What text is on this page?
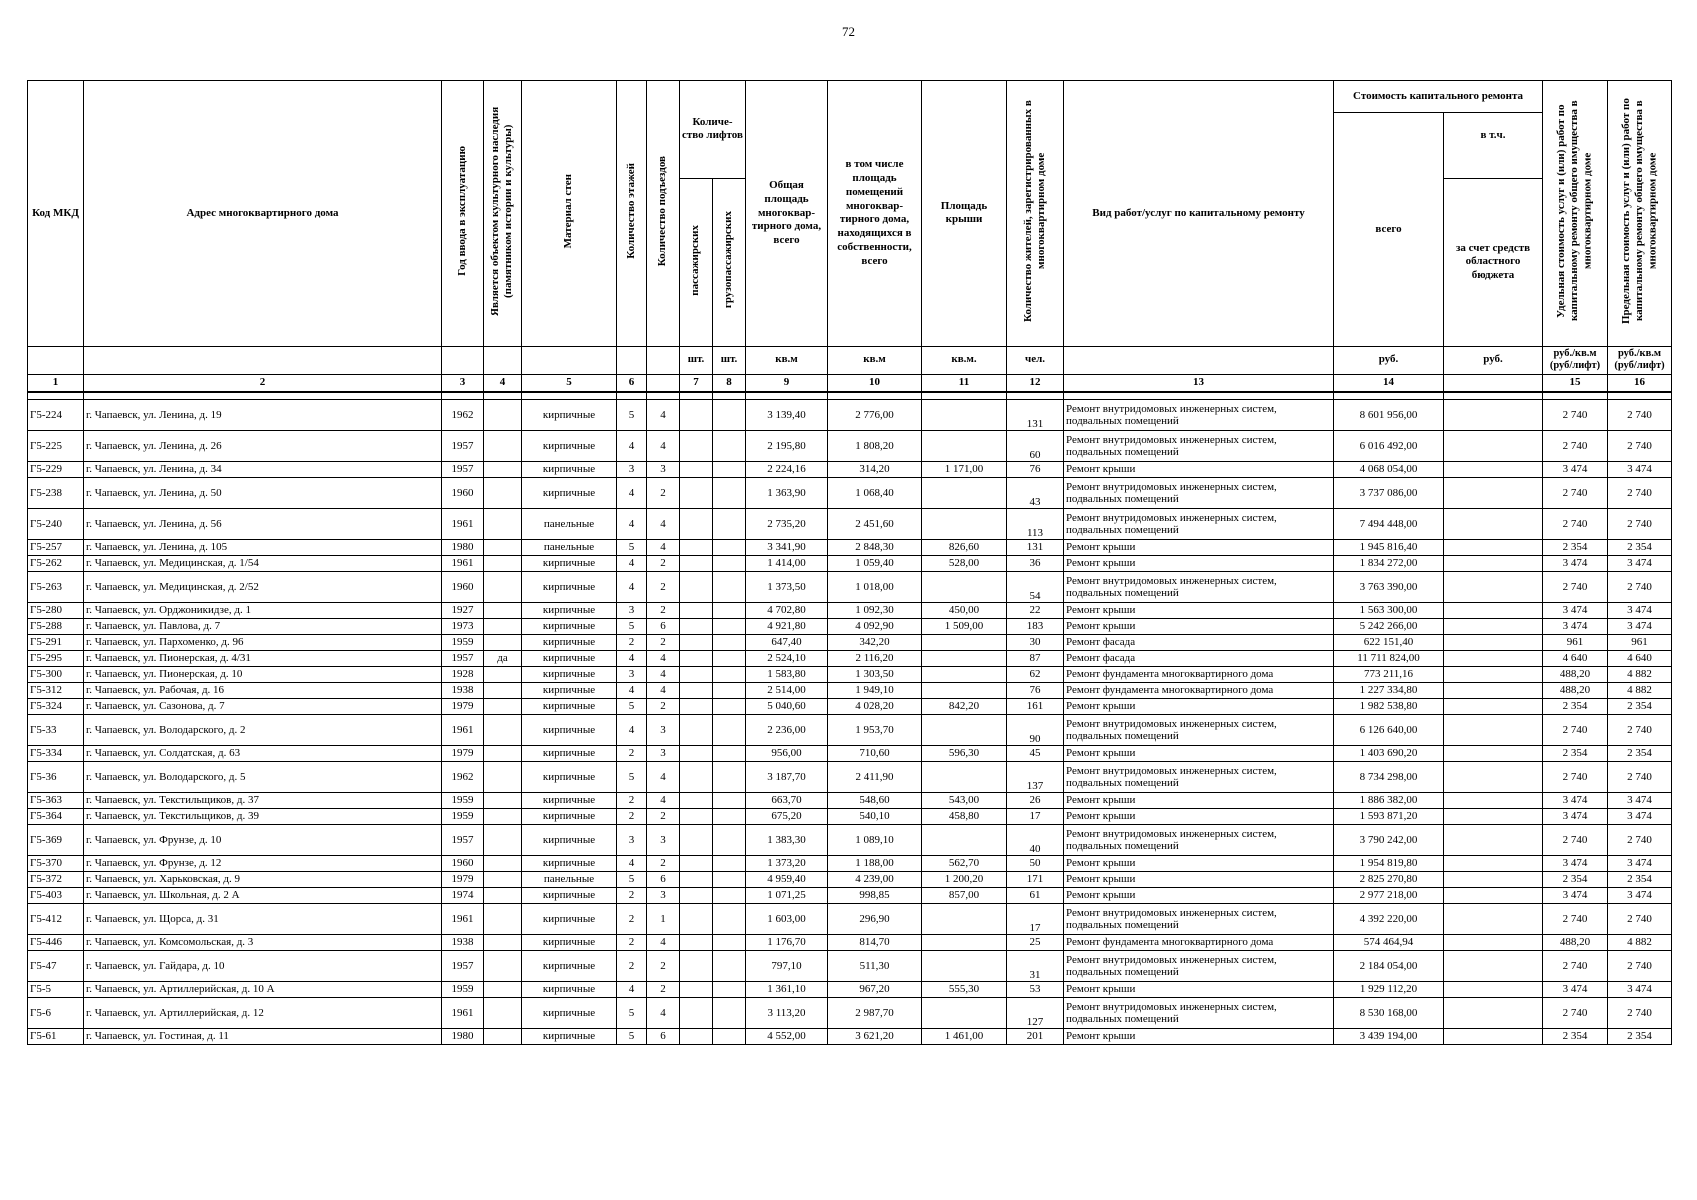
72
Код МКД	Адрес многоквартирного дома	Год ввода в эксплуатацию	Является объектом культурного наследия (памятником истории и культуры)	Материал стен	Количество этажей	Количество подъездов	Количе-ство лифтов		Общая площадь многоквар-тирного дома, всего	в том числе площадь помещений многоквар-тирного дома, находящихся в собственности, всего	Площадь крыши	Количество жителей, зарегистрированных в многоквартирном доме	Вид работ/услуг по капитальному ремонту	Стоимость капитального ремонта		Удельная стоимость услуг и (или) работ по капитальному ремонту общего имущества в многоквартирном доме	Предельная стоимость услуг и (или) работ по капитальному ремонту общего имущества в многоквартирном доме
														всего	в т.ч.		
							пассажирских	грузопассажирских							за счет средств областного бюджета		
							шт.	шт.	кв.м	кв.м	кв.м.	чел.		руб.	руб.	руб./кв.м (руб/лифт)	руб./кв.м (руб/лифт)
1	2	3	4	5	6		7	8	9	10	11	12	13	14		15	16

Г5-224	г. Чапаевск, ул. Ленина, д. 19	1962		кирпичные	5	4			3 139,40	2 776,00		131	Ремонт внутридомовых инженерных систем, подвальных помещений	8 601 956,00		2 740	2 740
Г5-225	г. Чапаевск, ул. Ленина, д. 26	1957		кирпичные	4	4			2 195,80	1 808,20		60	Ремонт внутридомовых инженерных систем, подвальных помещений	6 016 492,00		2 740	2 740
Г5-229	г. Чапаевск, ул. Ленина, д. 34	1957		кирпичные	3	3			2 224,16	314,20	1 171,00	76	Ремонт крыши	4 068 054,00		3 474	3 474
Г5-238	г. Чапаевск, ул. Ленина, д. 50	1960		кирпичные	4	2			1 363,90	1 068,40		43	Ремонт внутридомовых инженерных систем, подвальных помещений	3 737 086,00		2 740	2 740
Г5-240	г. Чапаевск, ул. Ленина, д. 56	1961		панельные	4	4			2 735,20	2 451,60		113	Ремонт внутридомовых инженерных систем, подвальных помещений	7 494 448,00		2 740	2 740
Г5-257	г. Чапаевск, ул. Ленина, д. 105	1980		панельные	5	4			3 341,90	2 848,30	826,60	131	Ремонт крыши	1 945 816,40		2 354	2 354
Г5-262	г. Чапаевск, ул. Медицинская, д. 1/54	1961		кирпичные	4	2			1 414,00	1 059,40	528,00	36	Ремонт крыши	1 834 272,00		3 474	3 474
Г5-263	г. Чапаевск, ул. Медицинская, д. 2/52	1960		кирпичные	4	2			1 373,50	1 018,00		54	Ремонт внутридомовых инженерных систем, подвальных помещений	3 763 390,00		2 740	2 740
Г5-280	г. Чапаевск, ул. Орджоникидзе, д. 1	1927		кирпичные	3	2			4 702,80	1 092,30	450,00	22	Ремонт крыши	1 563 300,00		3 474	3 474
Г5-288	г. Чапаевск, ул. Павлова, д. 7	1973		кирпичные	5	6			4 921,80	4 092,90	1 509,00	183	Ремонт крыши	5 242 266,00		3 474	3 474
Г5-291	г. Чапаевск, ул. Пархоменко, д. 96	1959		кирпичные	2	2			647,40	342,20		30	Ремонт фасада	622 151,40		961	961
Г5-295	г. Чапаевск, ул. Пионерская, д. 4/31	1957	да	кирпичные	4	4			2 524,10	2 116,20		87	Ремонт фасада	11 711 824,00		4 640	4 640
Г5-300	г. Чапаевск, ул. Пионерская, д. 10	1928		кирпичные	3	4			1 583,80	1 303,50		62	Ремонт фундамента многоквартирного дома	773 211,16		488,20	4 882
Г5-312	г. Чапаевск, ул. Рабочая, д. 16	1938		кирпичные	4	4			2 514,00	1 949,10		76	Ремонт фундамента многоквартирного дома	1 227 334,80		488,20	4 882
Г5-324	г. Чапаевск, ул. Сазонова, д. 7	1979		кирпичные	5	2			5 040,60	4 028,20	842,20	161	Ремонт крыши	1 982 538,80		2 354	2 354
Г5-33	г. Чапаевск, ул. Володарского, д. 2	1961		кирпичные	4	3			2 236,00	1 953,70		90	Ремонт внутридомовых инженерных систем, подвальных помещений	6 126 640,00		2 740	2 740
Г5-334	г. Чапаевск, ул. Солдатская, д. 63	1979		кирпичные	2	3			956,00	710,60	596,30	45	Ремонт крыши	1 403 690,20		2 354	2 354
Г5-36	г. Чапаевск, ул. Володарского, д. 5	1962		кирпичные	5	4			3 187,70	2 411,90		137	Ремонт внутридомовых инженерных систем, подвальных помещений	8 734 298,00		2 740	2 740
Г5-363	г. Чапаевск, ул. Текстильщиков, д. 37	1959		кирпичные	2	4			663,70	548,60	543,00	26	Ремонт крыши	1 886 382,00		3 474	3 474
Г5-364	г. Чапаевск, ул. Текстильщиков, д. 39	1959		кирпичные	2	2			675,20	540,10	458,80	17	Ремонт крыши	1 593 871,20		3 474	3 474
Г5-369	г. Чапаевск, ул. Фрунзе, д. 10	1957		кирпичные	3	3			1 383,30	1 089,10		40	Ремонт внутридомовых инженерных систем, подвальных помещений	3 790 242,00		2 740	2 740
Г5-370	г. Чапаевск, ул. Фрунзе, д. 12	1960		кирпичные	4	2			1 373,20	1 188,00	562,70	50	Ремонт крыши	1 954 819,80		3 474	3 474
Г5-372	г. Чапаевск, ул. Харьковская, д. 9	1979		панельные	5	6			4 959,40	4 239,00	1 200,20	171	Ремонт крыши	2 825 270,80		2 354	2 354
Г5-403	г. Чапаевск, ул. Школьная, д. 2 А	1974		кирпичные	2	3			1 071,25	998,85	857,00	61	Ремонт крыши	2 977 218,00		3 474	3 474
Г5-412	г. Чапаевск, ул. Щорса, д. 31	1961		кирпичные	2	1			1 603,00	296,90		17	Ремонт внутридомовых инженерных систем, подвальных помещений	4 392 220,00		2 740	2 740
Г5-446	г. Чапаевск, ул. Комсомольская, д. 3	1938		кирпичные	2	4			1 176,70	814,70		25	Ремонт фундамента многоквартирного дома	574 464,94		488,20	4 882
Г5-47	г. Чапаевск, ул. Гайдара, д. 10	1957		кирпичные	2	2			797,10	511,30		31	Ремонт внутридомовых инженерных систем, подвальных помещений	2 184 054,00		2 740	2 740
Г5-5	г. Чапаевск, ул. Артиллерийская, д. 10 А	1959		кирпичные	4	2			1 361,10	967,20	555,30	53	Ремонт крыши	1 929 112,20		3 474	3 474
Г5-6	г. Чапаевск, ул. Артиллерийская, д. 12	1961		кирпичные	5	4			3 113,20	2 987,70		127	Ремонт внутридомовых инженерных систем, подвальных помещений	8 530 168,00		2 740	2 740
Г5-61	г. Чапаевск, ул. Гостиная, д. 11	1980		кирпичные	5	6			4 552,00	3 621,20	1 461,00	201	Ремонт крыши	3 439 194,00		2 354	2 354
